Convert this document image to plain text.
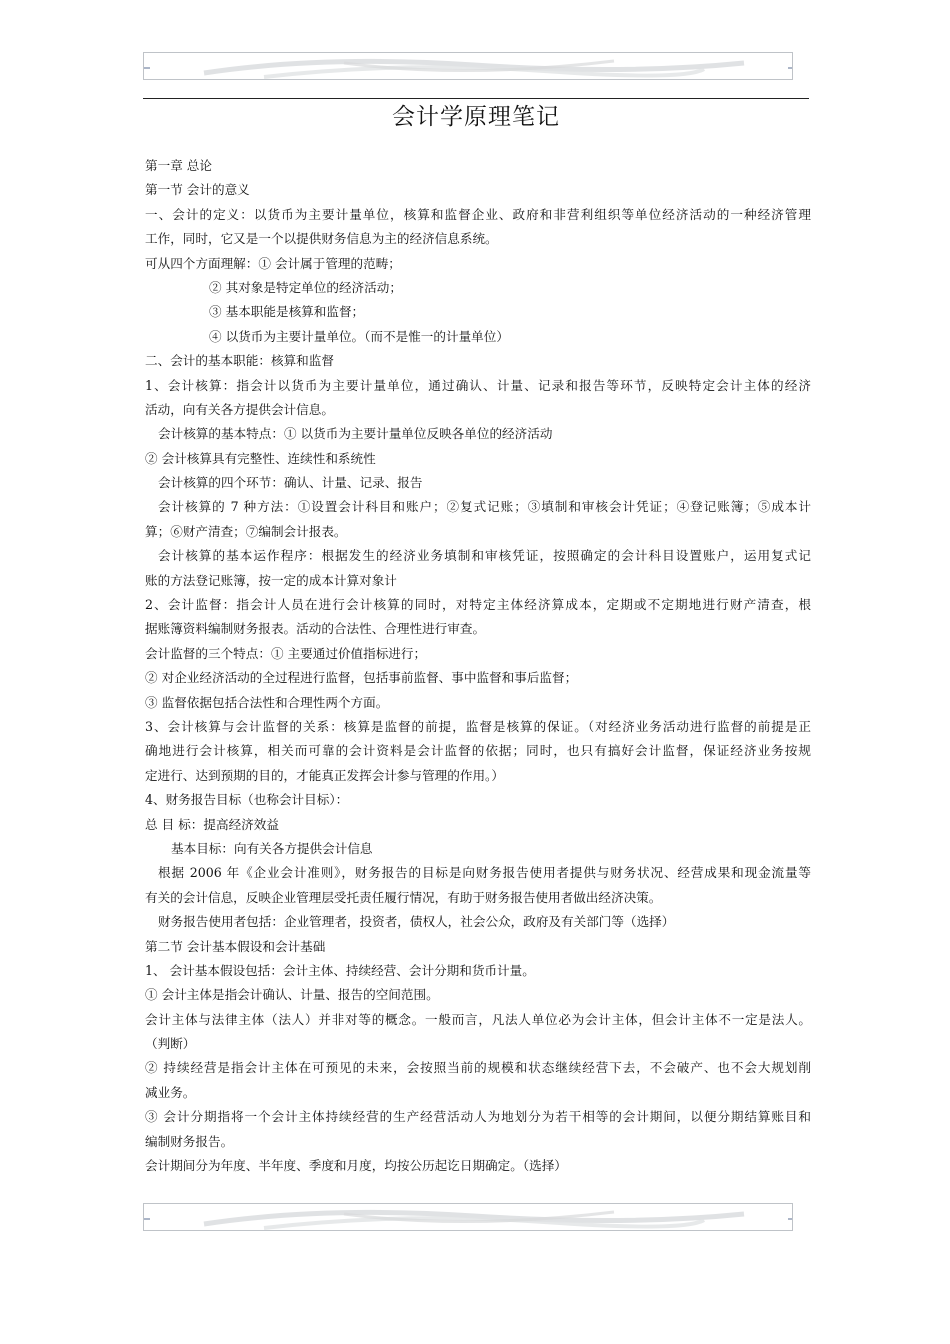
会计学原理笔记
第一章 总论
第一节 会计的意义
一、会计的定义：以货币为主要计量单位，核算和监督企业、政府和非营利组织等单位经济活动的一种经济管理
工作，同时，它又是一个以提供财务信息为主的经济信息系统。
可从四个方面理解：① 会计属于管理的范畴；
② 其对象是特定单位的经济活动；
③ 基本职能是核算和监督；
④ 以货币为主要计量单位。（而不是惟一的计量单位）
二、会计的基本职能：核算和监督
1、会计核算：指会计以货币为主要计量单位，通过确认、计量、记录和报告等环节，反映特定会计主体的经济
活动，向有关各方提供会计信息。
会计核算的基本特点：① 以货币为主要计量单位反映各单位的经济活动
② 会计核算具有完整性、连续性和系统性
会计核算的四个环节：确认、计量、记录、报告
会计核算的 7 种方法：①设置会计科目和账户；②复式记账；③填制和审核会计凭证；④登记账簿；⑤成本计
算；⑥财产清查；⑦编制会计报表。
会计核算的基本运作程序：根据发生的经济业务填制和审核凭证，按照确定的会计科目设置账户，运用复式记
账的方法登记账簿，按一定的成本计算对象计
2、会计监督：指会计人员在进行会计核算的同时，对特定主体经济算成本，定期或不定期地进行财产清查，根
据账簿资料编制财务报表。活动的合法性、合理性进行审查。
会计监督的三个特点：① 主要通过价值指标进行；
② 对企业经济活动的全过程进行监督，包括事前监督、事中监督和事后监督；
③ 监督依据包括合法性和合理性两个方面。
3、会计核算与会计监督的关系：核算是监督的前提，监督是核算的保证。（对经济业务活动进行监督的前提是正
确地进行会计核算，相关而可靠的会计资料是会计监督的依据；同时，也只有搞好会计监督，保证经济业务按规
定进行、达到预期的目的，才能真正发挥会计参与管理的作用。）
4、财务报告目标（也称会计目标）：
总 目 标：提高经济效益
基本目标：向有关各方提供会计信息
根据 2006 年《企业会计准则》，财务报告的目标是向财务报告使用者提供与财务状况、经营成果和现金流量等
有关的会计信息，反映企业管理层受托责任履行情况，有助于财务报告使用者做出经济决策。
财务报告使用者包括：企业管理者，投资者，债权人，社会公众，政府及有关部门等（选择）
第二节 会计基本假设和会计基础
1、 会计基本假设包括：会计主体、持续经营、会计分期和货币计量。
① 会计主体是指会计确认、计量、报告的空间范围。
会计主体与法律主体（法人）并非对等的概念。一般而言，凡法人单位必为会计主体，但会计主体不一定是法人。
（判断）
② 持续经营是指会计主体在可预见的未来，会按照当前的规模和状态继续经营下去，不会破产、也不会大规划削
减业务。
③ 会计分期指将一个会计主体持续经营的生产经营活动人为地划分为若干相等的会计期间，以便分期结算账目和
编制财务报告。
会计期间分为年度、半年度、季度和月度，均按公历起讫日期确定。（选择）
